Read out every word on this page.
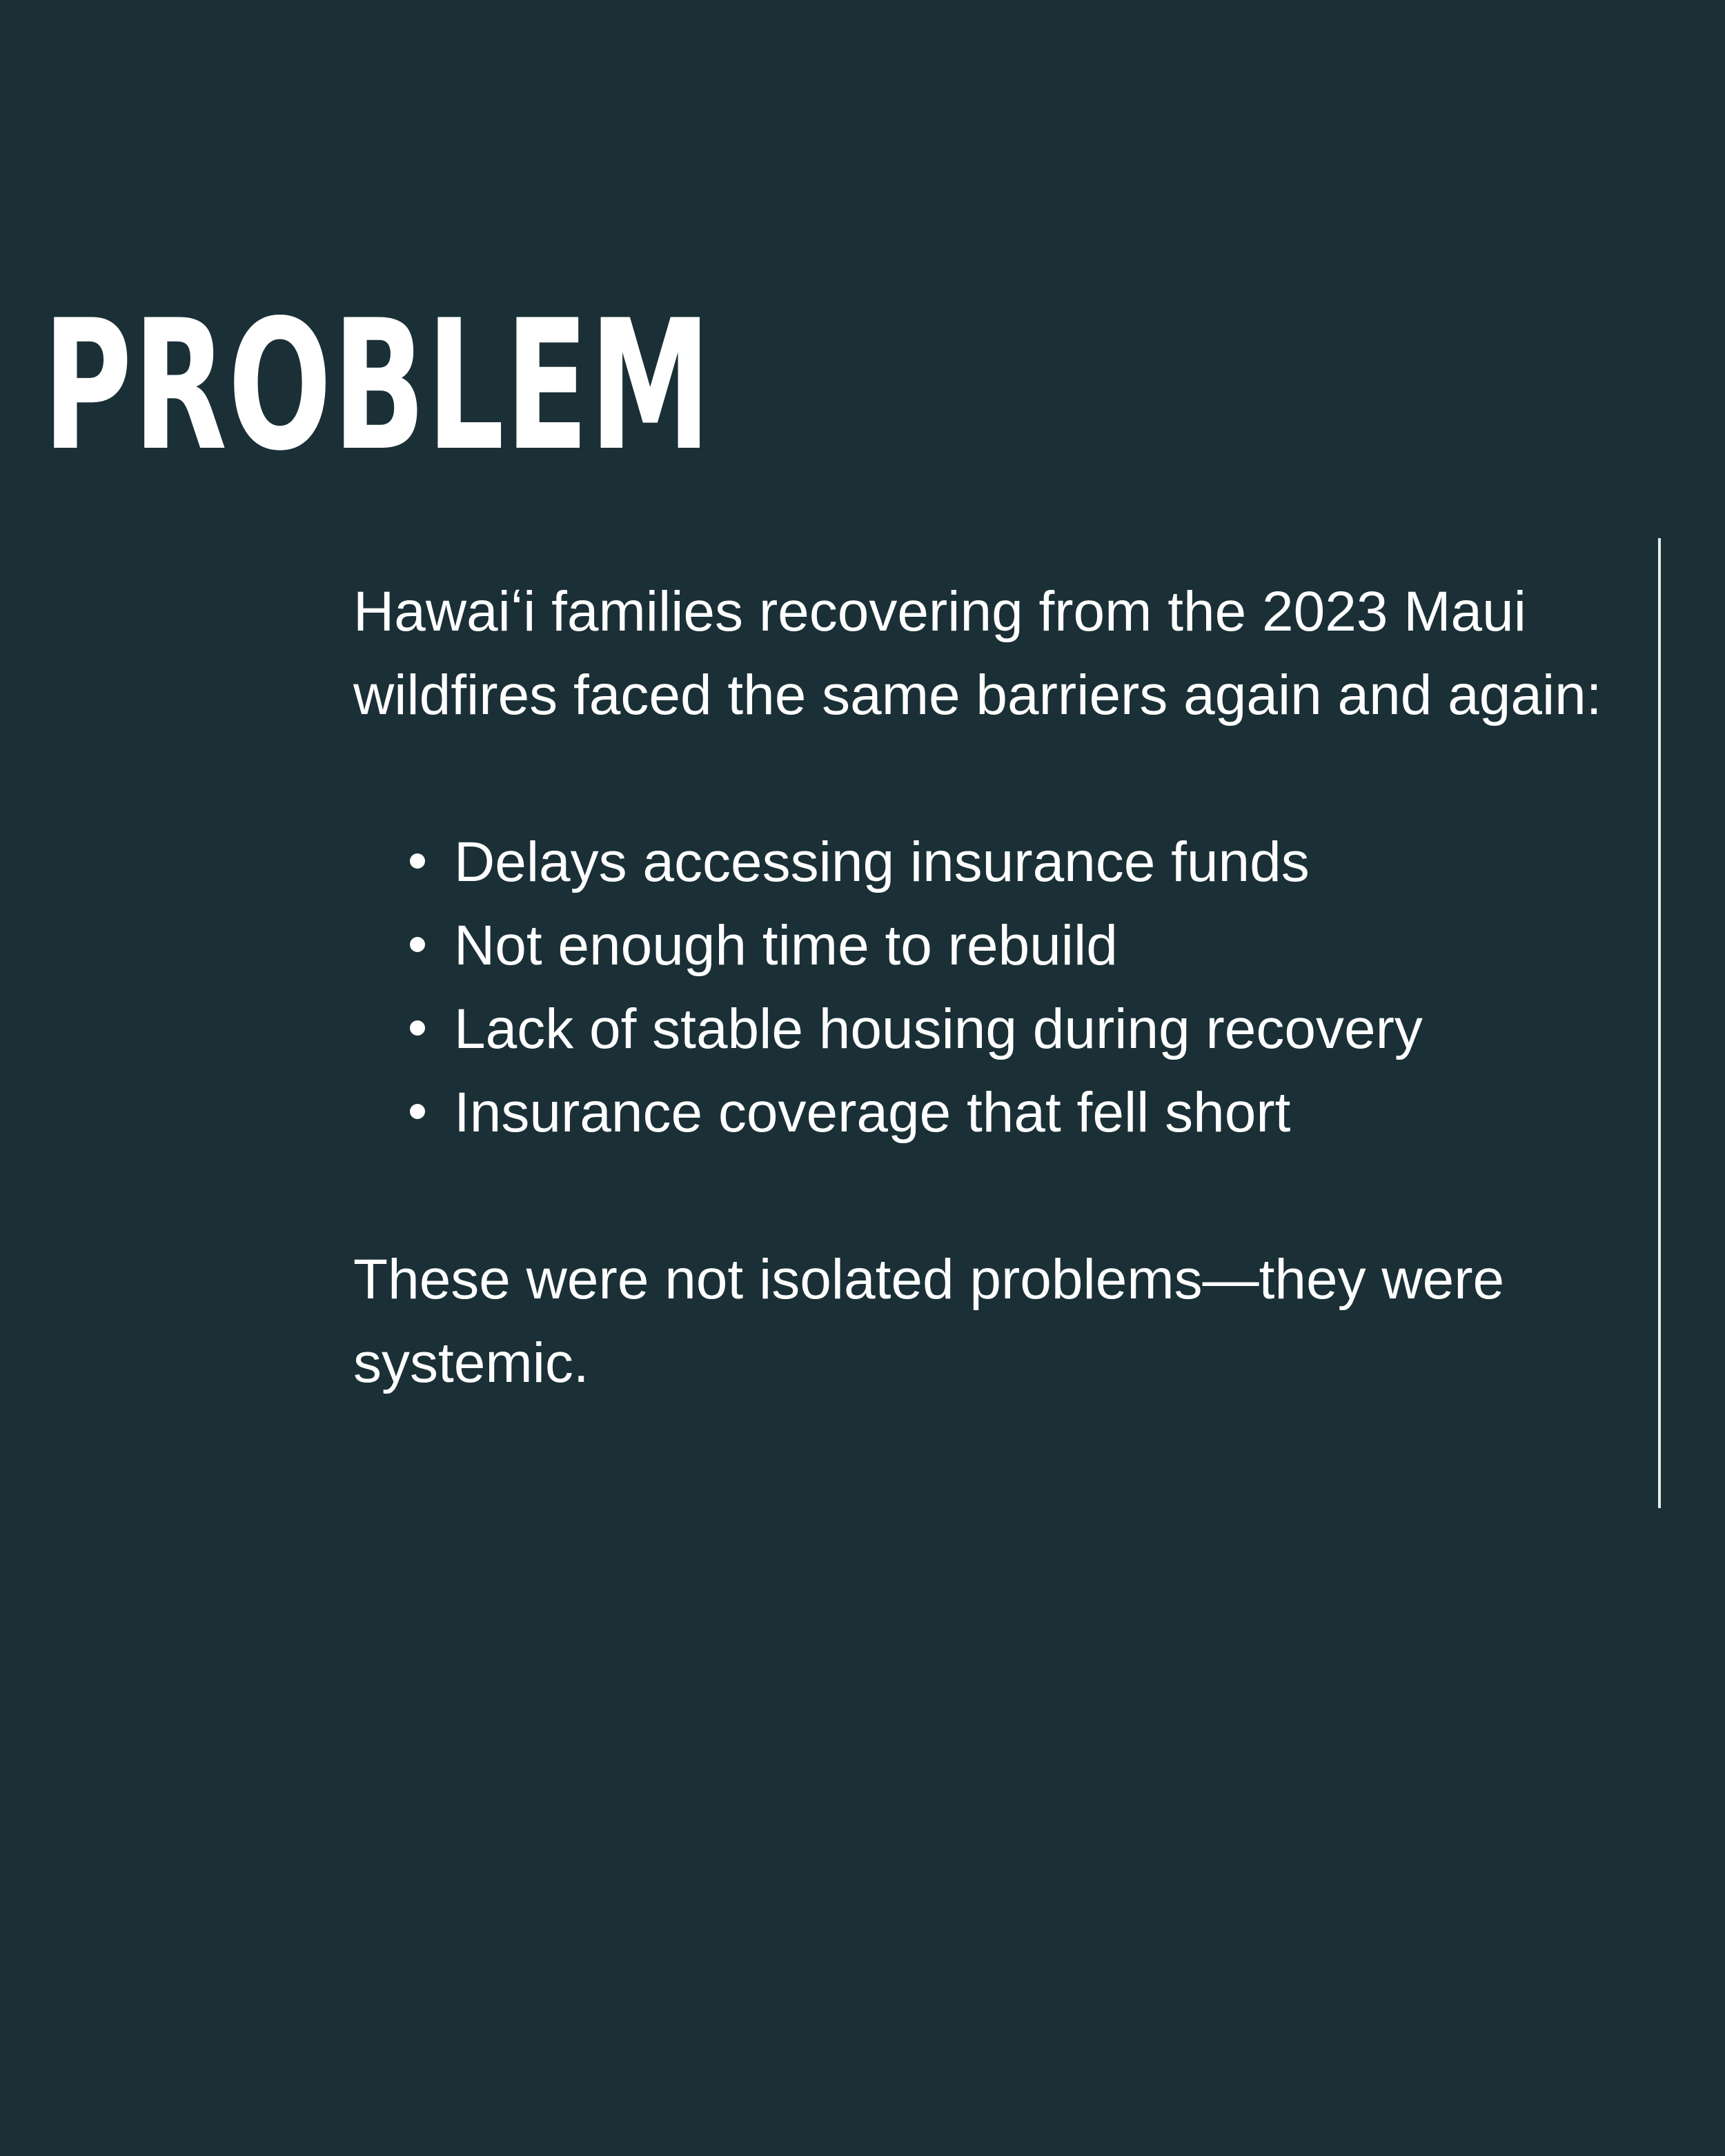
PROBLEM

Hawaiʻi families recovering from the 2023 Maui wildfires faced the same barriers again and again:

Delays accessing insurance funds
Not enough time to rebuild
Lack of stable housing during recovery
Insurance coverage that fell short

These were not isolated problems—they were systemic.
